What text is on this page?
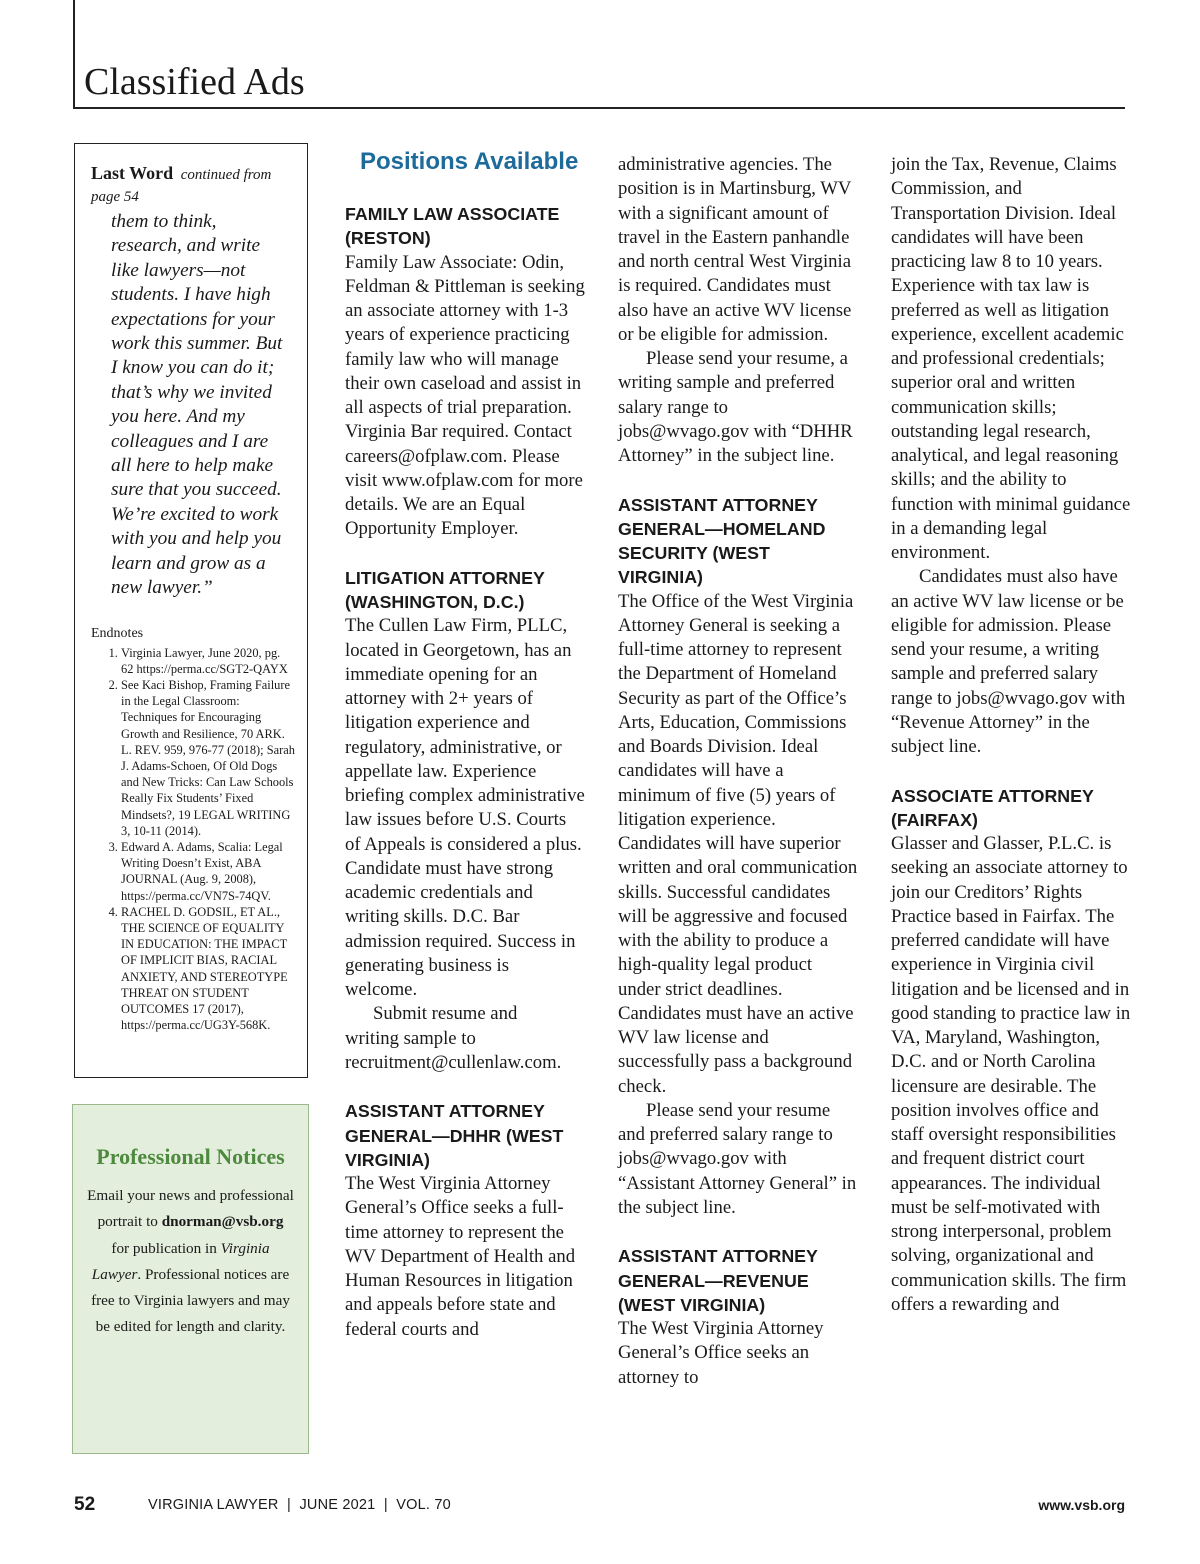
Classified Ads
Last Word continued from page 54

them to think, research, and write like lawyers—not students. I have high expectations for your work this summer. But I know you can do it; that’s why we invited you here. And my colleagues and I are all here to help make sure that you succeed. We’re excited to work with you and help you learn and grow as a new lawyer.”

Endnotes
1. Virginia Lawyer, June 2020, pg. 62 https://perma.cc/SGT2-QAYX
2. See Kaci Bishop, Framing Failure in the Legal Classroom: Techniques for Encouraging Growth and Resilience, 70 ARK. L. REV. 959, 976-77 (2018); Sarah J. Adams-Schoen, Of Old Dogs and New Tricks: Can Law Schools Really Fix Students’ Fixed Mindsets?, 19 LEGAL WRITING 3, 10-11 (2014).
3. Edward A. Adams, Scalia: Legal Writing Doesn’t Exist, ABA JOURNAL (Aug. 9, 2008), https://perma.cc/VN7S-74QV.
4. RACHEL D. GODSIL, ET AL., THE SCIENCE OF EQUALITY IN EDUCATION: THE IMPACT OF IMPLICIT BIAS, RACIAL ANXIETY, AND STEREOTYPE THREAT ON STUDENT OUTCOMES 17 (2017), https://perma.cc/UG3Y-568K.
Professional Notices

Email your news and professional portrait to dnorman@vsb.org for publication in Virginia Lawyer. Professional notices are free to Virginia lawyers and may be edited for length and clarity.

Positions Available
FAMILY LAW ASSOCIATE (RESTON)

Family Law Associate: Odin, Feldman & Pittleman is seeking an associate attorney with 1-3 years of experience practicing family law who will manage their own caseload and assist in all aspects of trial preparation. Virginia Bar required. Contact careers@ofplaw.com. Please visit www.ofplaw.com for more details. We are an Equal Opportunity Employer.

LITIGATION ATTORNEY (WASHINGTON, D.C.)

The Cullen Law Firm, PLLC, located in Georgetown, has an immediate opening for an attorney with 2+ years of litigation experience and regulatory, administrative, or appellate law. Experience briefing complex administrative law issues before U.S. Courts of Appeals is considered a plus. Candidate must have strong academic credentials and writing skills. D.C. Bar admission required. Success in generating business is welcome.

Submit resume and writing sample to recruitment@cullenlaw.com.

ASSISTANT ATTORNEY GENERAL—DHHR (WEST VIRGINIA)

The West Virginia Attorney General’s Office seeks a full-time attorney to represent the WV Department of Health and Human Resources in litigation and appeals before state and federal courts and

administrative agencies. The position is in Martinsburg, WV with a significant amount of travel in the Eastern panhandle and north central West Virginia is required. Candidates must also have an active WV license or be eligible for admission.

Please send your resume, a writing sample and preferred salary range to jobs@wvago.gov with “DHHR Attorney” in the subject line.

ASSISTANT ATTORNEY GENERAL—HOMELAND SECURITY (WEST VIRGINIA)

The Office of the West Virginia Attorney General is seeking a full-time attorney to represent the Department of Homeland Security as part of the Office’s Arts, Education, Commissions and Boards Division. Ideal candidates will have a minimum of five (5) years of litigation experience. Candidates will have superior written and oral communication skills. Successful candidates will be aggressive and focused with the ability to produce a high-quality legal product under strict deadlines. Candidates must have an active WV law license and successfully pass a background check.

Please send your resume and preferred salary range to jobs@wvago.gov with “Assistant Attorney General” in the subject line.

ASSISTANT ATTORNEY GENERAL—REVENUE (WEST VIRGINIA)

The West Virginia Attorney General’s Office seeks an attorney to

join the Tax, Revenue, Claims Commission, and Transportation Division. Ideal candidates will have been practicing law 8 to 10 years. Experience with tax law is preferred as well as litigation experience, excellent academic and professional credentials; superior oral and written communication skills; outstanding legal research, analytical, and legal reasoning skills; and the ability to function with minimal guidance in a demanding legal environment.

Candidates must also have an active WV law license or be eligible for admission. Please send your resume, a writing sample and preferred salary range to jobs@wvago.gov with “Revenue Attorney” in the subject line.

ASSOCIATE ATTORNEY (FAIRFAX)

Glasser and Glasser, P.L.C. is seeking an associate attorney to join our Creditors’ Rights Practice based in Fairfax. The preferred candidate will have experience in Virginia civil litigation and be licensed and in good standing to practice law in VA, Maryland, Washington, D.C. and or North Carolina licensure are desirable. The position involves office and staff oversight responsibilities and frequent district court appearances. The individual must be self-motivated with strong interpersonal, problem solving, organizational and communication skills. The firm offers a rewarding and

52	VIRGINIA LAWYER  |  JUNE 2021  |  VOL. 70	www.vsb.org
